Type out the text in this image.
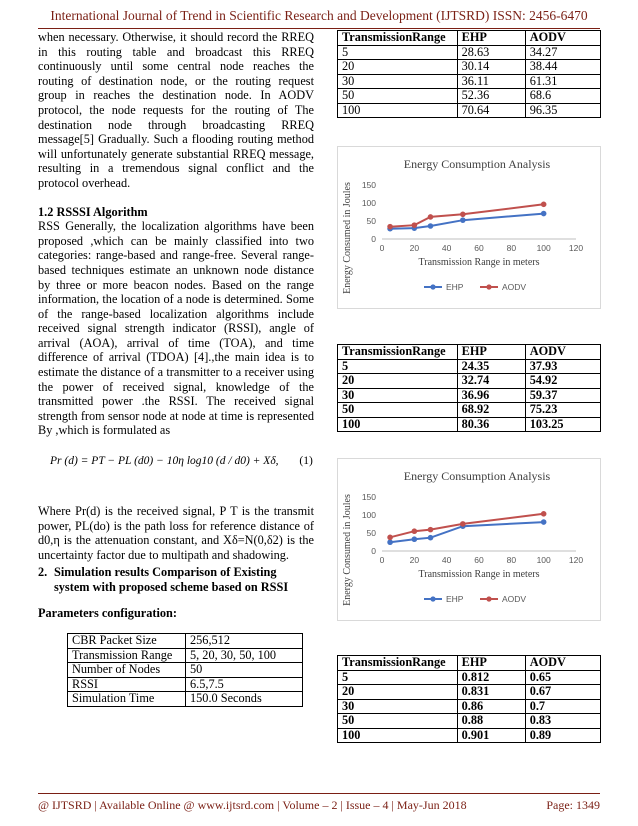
International Journal of Trend in Scientific Research and Development (IJTSRD) ISSN: 2456-6470

when necessary. Otherwise, it should record the RREQ in this routing table and broadcast this RREQ continuously until some central node reaches the routing of destination node, or the routing request group in reaches the destination node. In AODV protocol, the node requests for the routing of The destination node through broadcasting RREQ message[5] Gradually. Such a flooding routing method will unfortunately generate substantial RREQ message, resulting in a tremendous signal conflict and the protocol overhead.

1.2 RSSSI Algorithm

RSS Generally, the localization algorithms have been proposed ,which can be mainly classified into two categories: range-based and range-free. Several range-based techniques estimate an unknown node distance by three or more beacon nodes. Based on the range information, the location of a node is determined. Some of the range-based localization algorithms include received signal strength indicator (RSSI), angle of arrival (AOA), arrival of time (TOA), and time difference of arrival (TDOA) [4].,the main idea is to estimate the distance of a transmitter to a receiver using the power of received signal, knowledge of the transmitted power .the RSSI. The received signal strength from sensor node at node at time is represented By ,which is formulated as

Pr (d) = PT − PL (d0) − 10η log10 (d / d0) + Xδ, (1)

Where Pr(d) is the received signal, P T is the transmit power, PL(do) is the path loss for reference distance of d0,η is the attenuation constant, and Xδ=N(0,δ2) is the uncertainty factor due to multipath and shadowing.

2. Simulation results Comparison of Existing
system with proposed scheme based on RSSI
Parameters configuration:
CBR Packet Size	256,512
Transmission Range	5, 20, 30, 50, 100
Number of Nodes	50
RSSI	6.5,7.5
Simulation Time	150.0 Seconds
TransmissionRange	EHP	AODV
5	28.63	34.27
20	30.14	38.44
30	36.11	61.31
50	52.36	68.6
100	70.64	96.35
Energy Consumption Analysis
0
50
100
150
0	20	40	60	80 100 120
Transmission Range in meters
Energy Consumed in Joules	EHP	AODV
TransmissionRange	EHP	AODV
5	24.35	37.93
20	32.74	54.92
30	36.96	59.37
50	68.92	75.23
100	80.36	103.25
Energy Consumption Analysis
0
50
100
150
0	20	40	60	80 100 120
Transmission Range in meters
Energy Consumed in Joules	EHP	AODV
TransmissionRange	EHP	AODV
5	0.812	0.65
20	0.831	0.67
30	0.86	0.7
50	0.88	0.83
100	0.901	0.89
@ IJTSRD | Available Online @ www.ijtsrd.com | Volume – 2 | Issue – 4 | May-Jun 2018	Page: 1349
